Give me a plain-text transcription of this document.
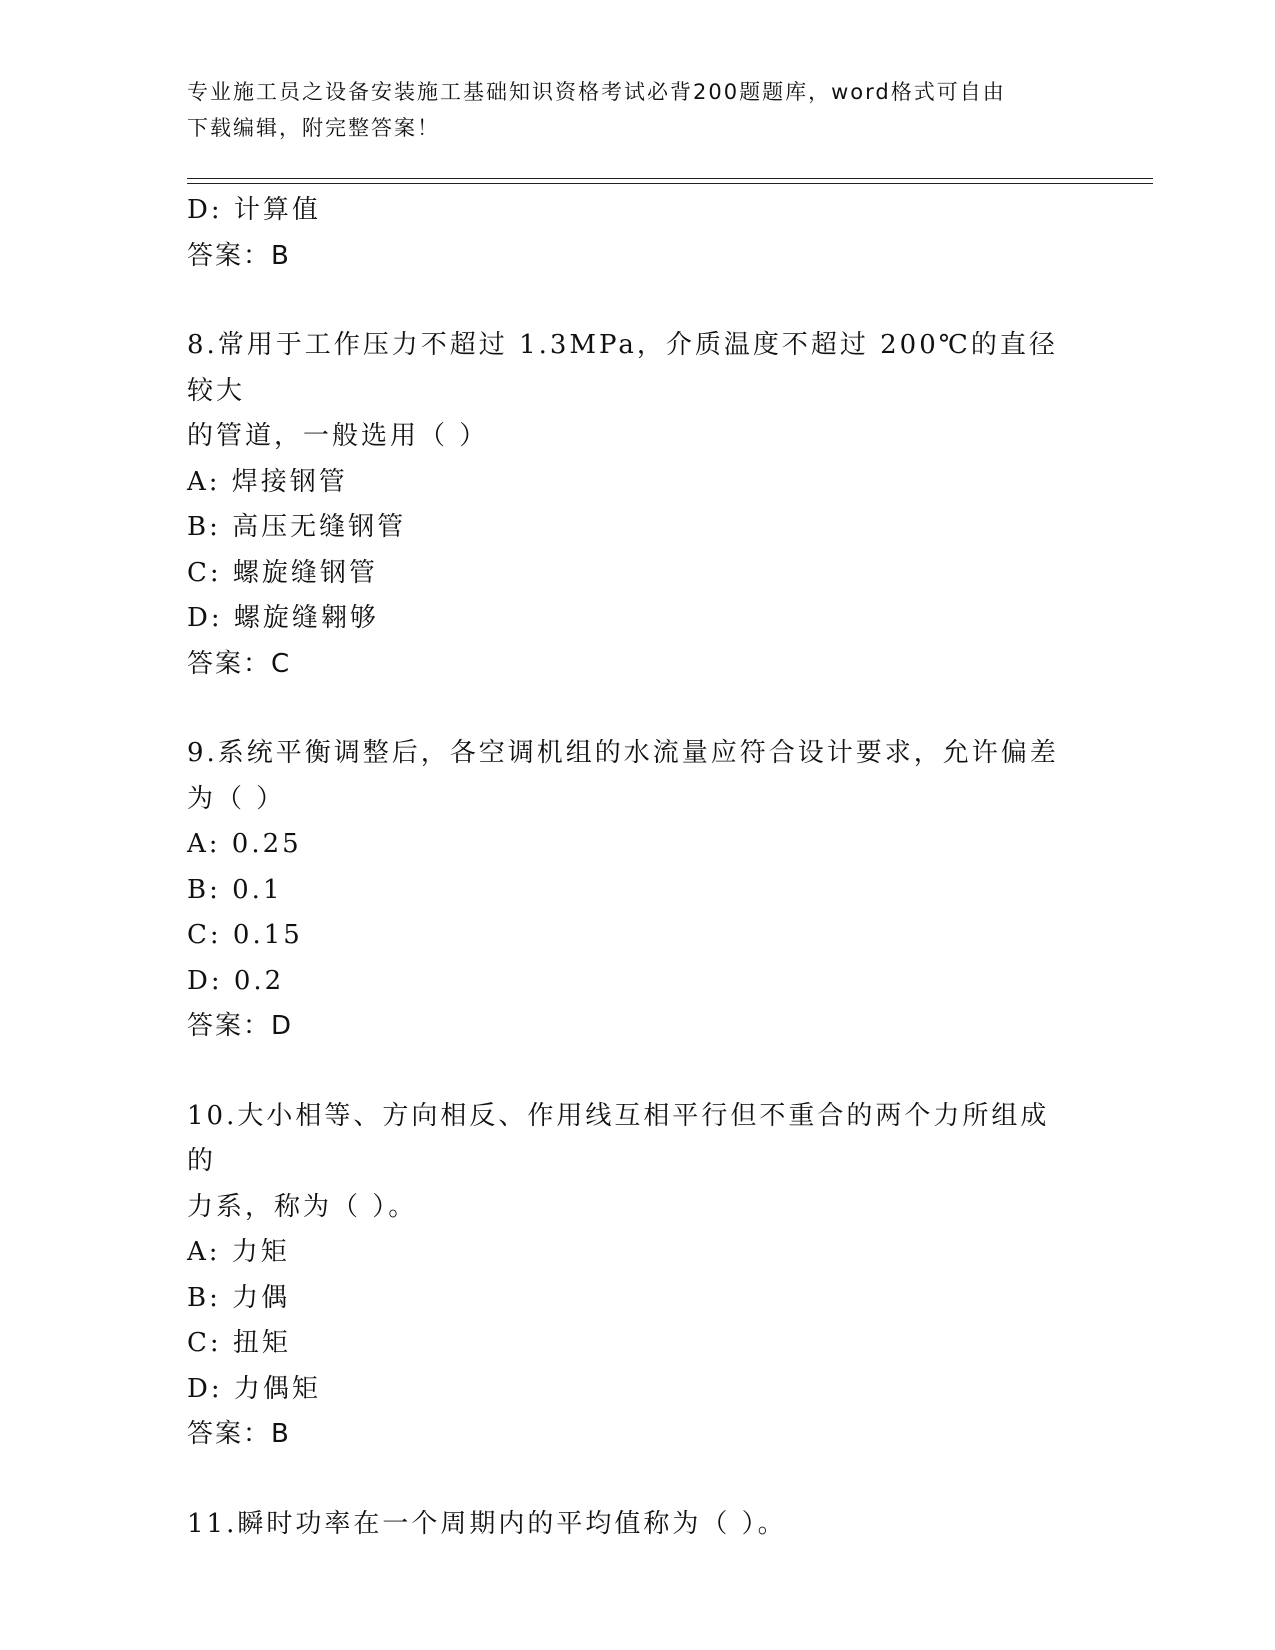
专业施工员之设备安装施工基础知识资格考试必背200题题库，word格式可自由
下载编辑，附完整答案！
D: 计算值
答案：B
8.常用于工作压力不超过 1.3MPa，介质温度不超过 200℃的直径较大
的管道，一般选用（ ）
A: 焊接钢管
B: 高压无缝钢管
C: 螺旋缝钢管
D: 螺旋缝翱够
答案：C
9.系统平衡调整后，各空调机组的水流量应符合设计要求，允许偏差
为（ ）
A: 0.25
B: 0.1
C: 0.15
D: 0.2
答案：D
10.大小相等、方向相反、作用线互相平行但不重合的两个力所组成的
力系，称为（ ）。
A: 力矩
B: 力偶
C: 扭矩
D: 力偶矩
答案：B
11.瞬时功率在一个周期内的平均值称为（ ）。
